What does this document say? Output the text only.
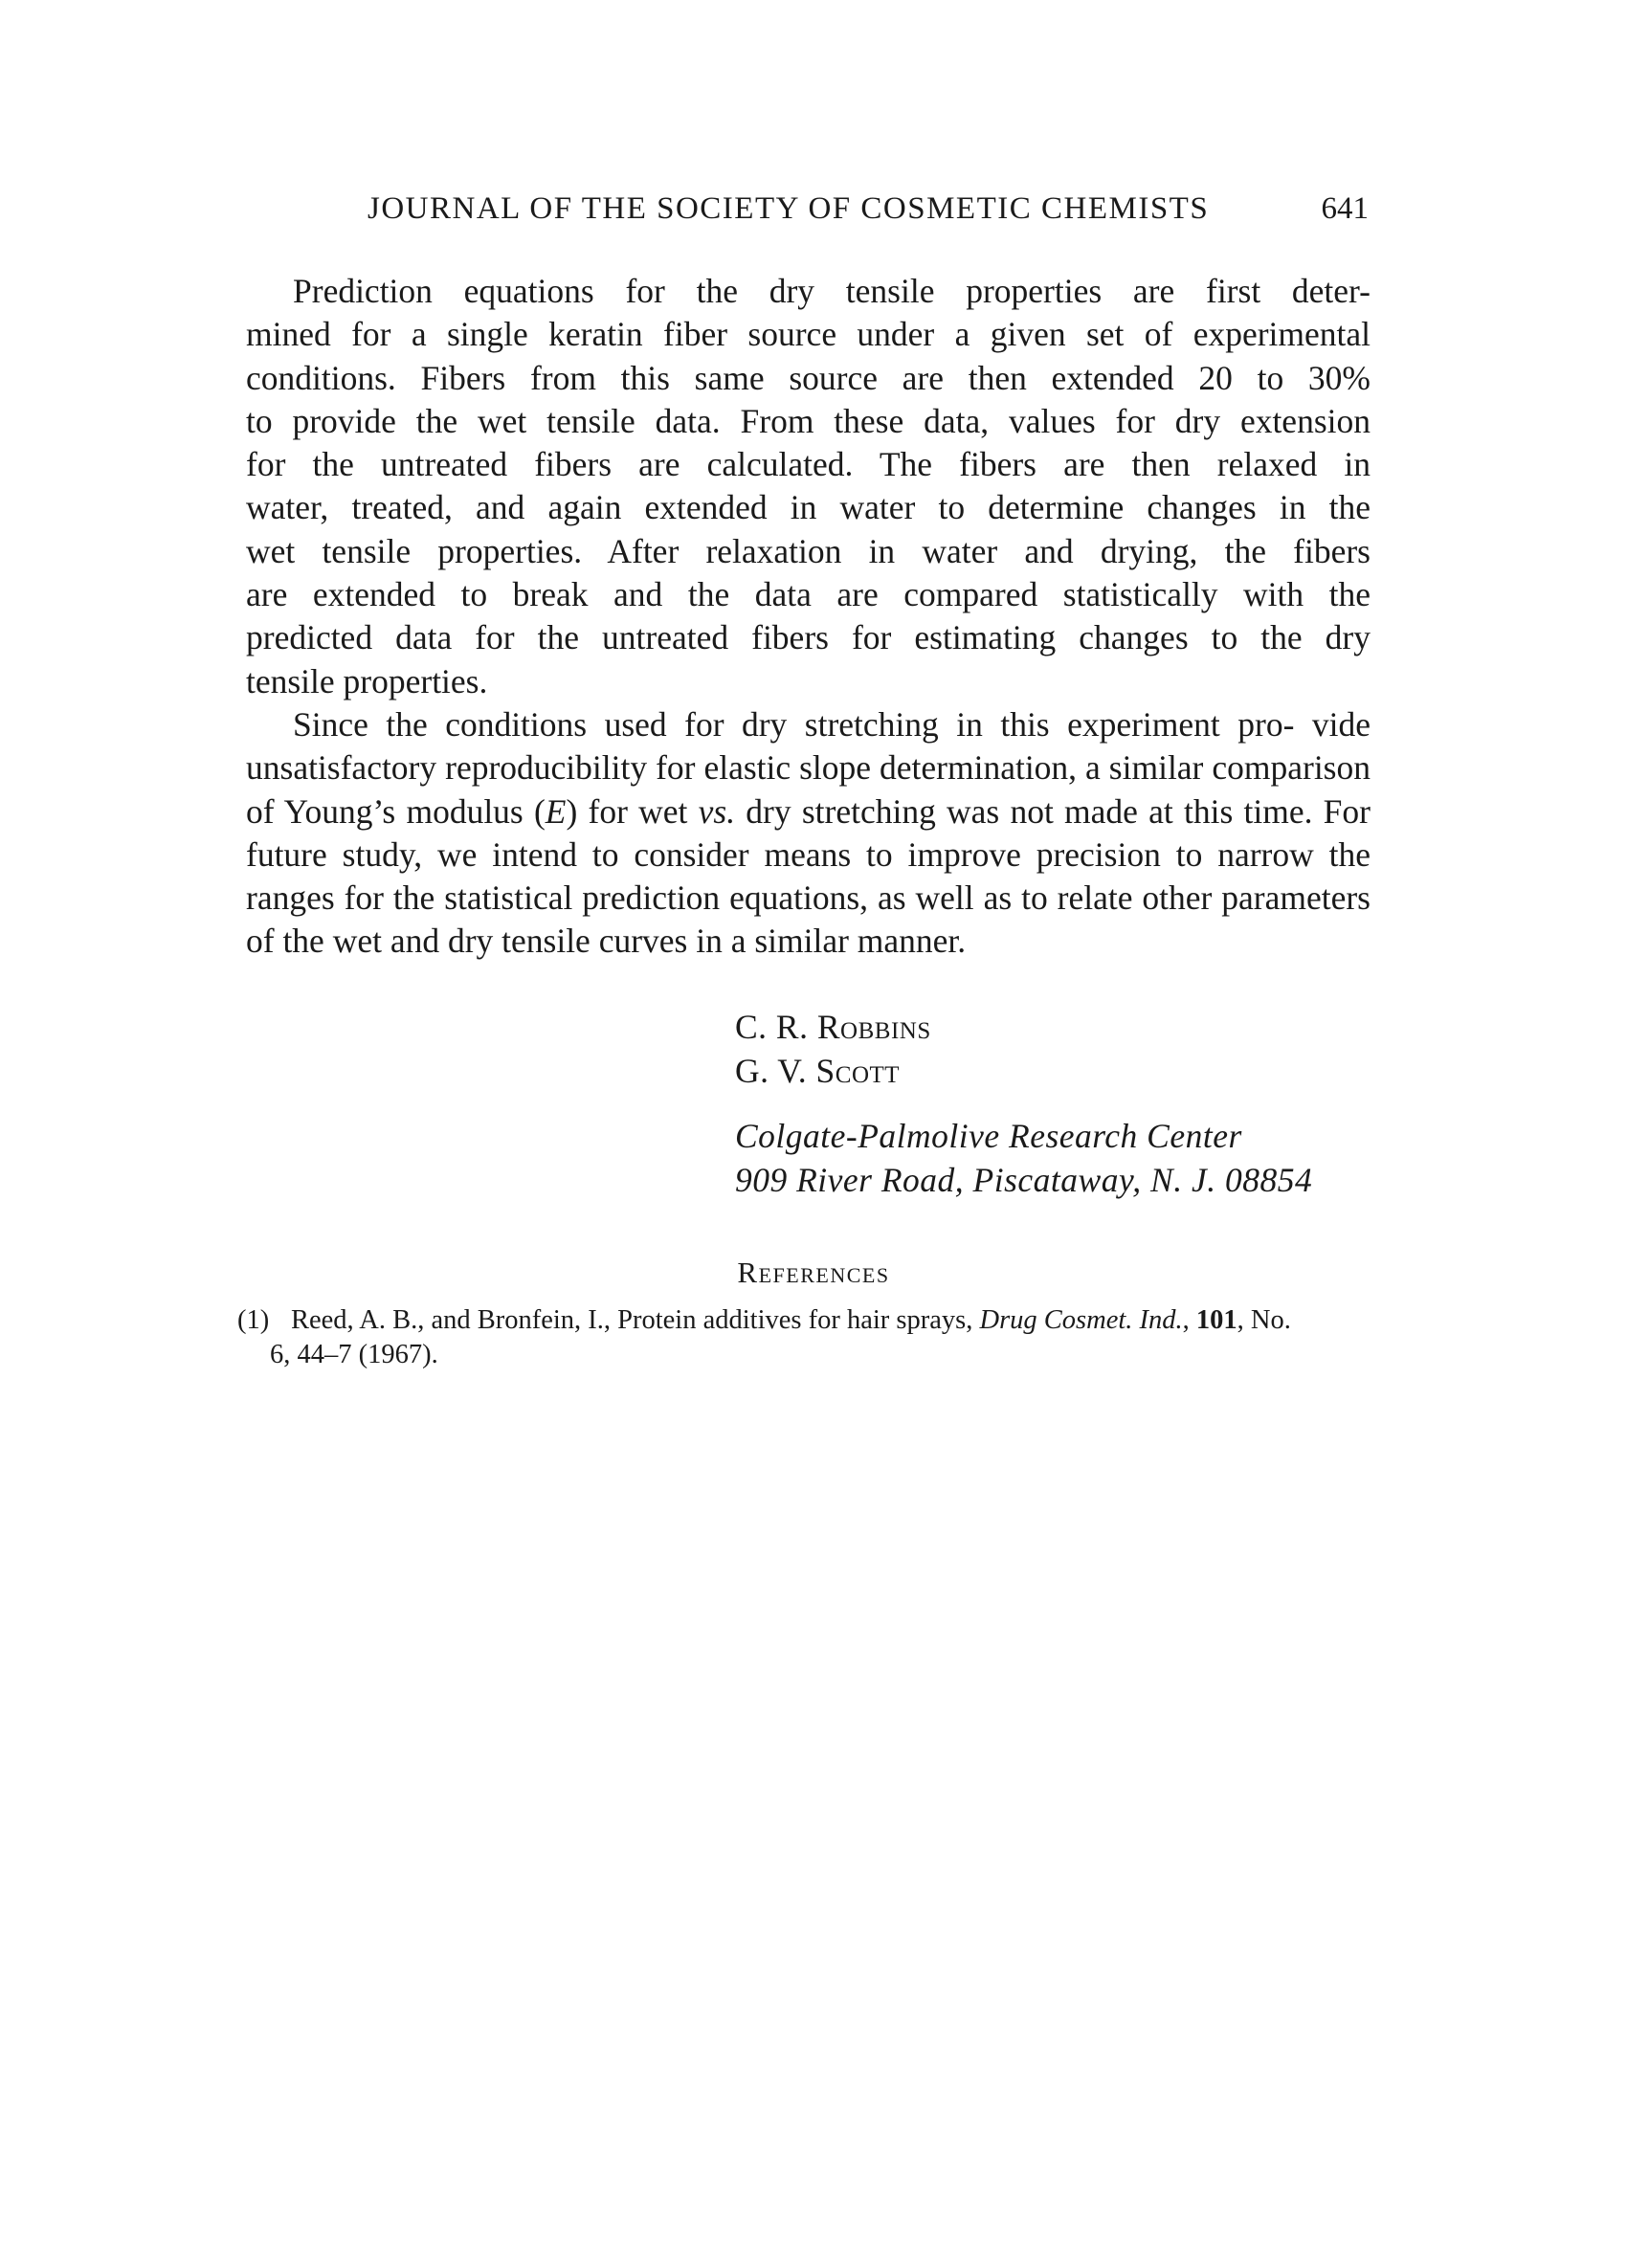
JOURNAL OF THE SOCIETY OF COSMETIC CHEMISTS	641

Prediction equations for the dry tensile properties are first deter-
mined for a single keratin fiber source under a given set of experimental
conditions. Fibers from this same source are then extended 20 to 30%
to provide the wet tensile data. From these data, values for dry extension
for the untreated fibers are calculated. The fibers are then relaxed in
water, treated, and again extended in water to determine changes in the
wet tensile properties. After relaxation in water and drying, the fibers
are extended to break and the data are compared statistically with the
predicted data for the untreated fibers for estimating changes to the dry
tensile properties.

Since the conditions used for dry stretching in this experiment pro- vide unsatisfactory reproducibility for elastic slope determination, a similar comparison of Young’s modulus (E) for wet vs. dry stretching was not made at this time. For future study, we intend to consider means to improve precision to narrow the ranges for the statistical prediction equations, as well as to relate other parameters of the wet and dry tensile curves in a similar manner.

C. R. Robbins
G. V. Scott
Colgate-Palmolive Research Center
909 River Road, Piscataway, N. J. 08854
References
(1) Reed, A. B., and Bronfein, I., Protein additives for hair sprays, Drug Cosmet. Ind., 101, No.
6, 44–7 (1967).
